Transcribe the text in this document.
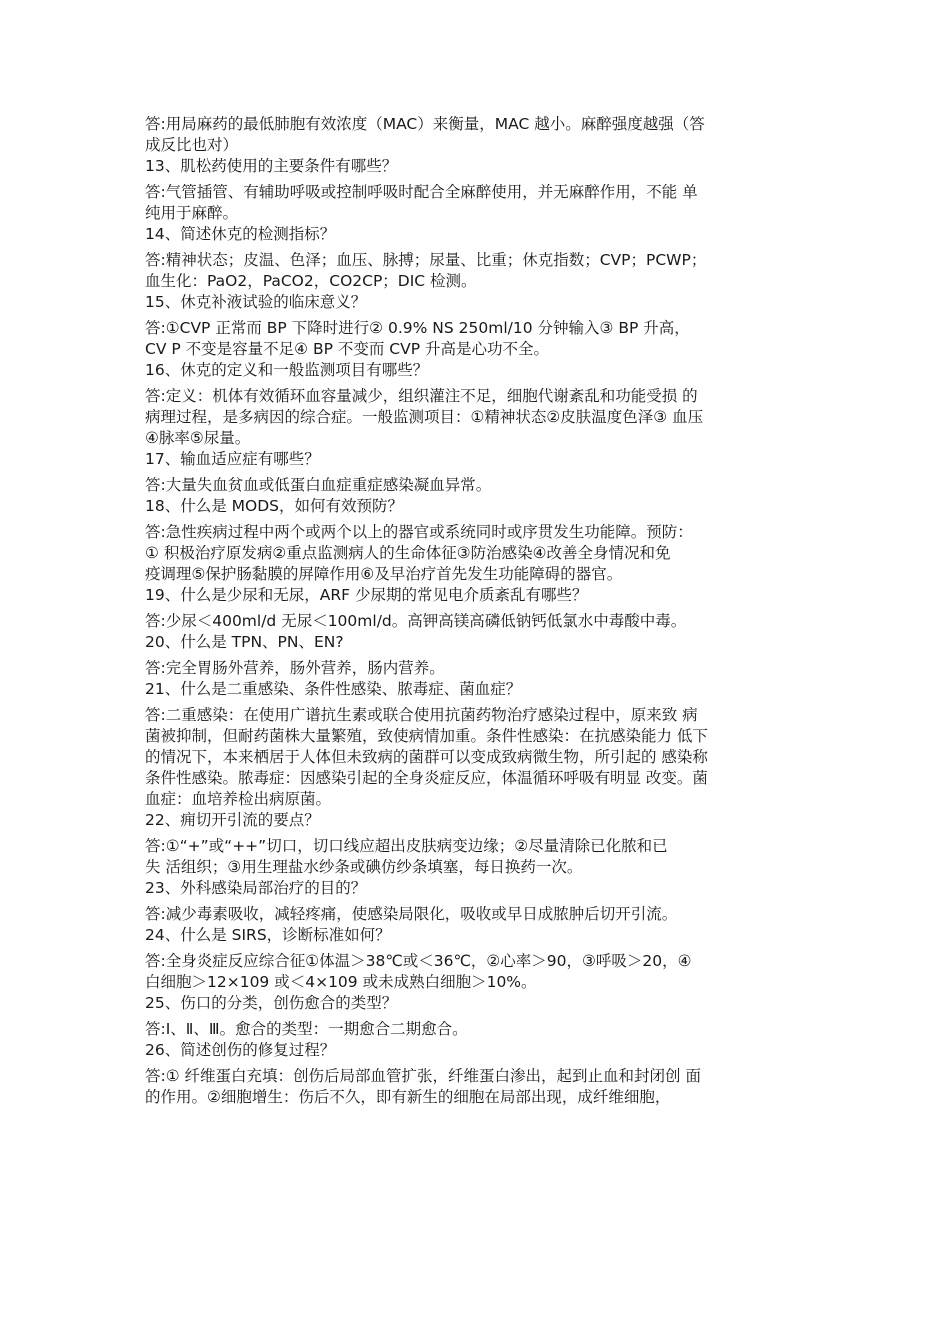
答:用局麻药的最低肺胞有效浓度（MAC）来衡量，MAC 越小。麻醉强度越强（答
成反比也对）
13、肌松药使用的主要条件有哪些？
答:气管插管、有辅助呼吸或控制呼吸时配合全麻醉使用，并无麻醉作用，不能 单
纯用于麻醉。
14、简述休克的检测指标？
答:精神状态；皮温、色泽；血压、脉搏；尿量、比重；休克指数；CVP；PCWP；
血生化：PaO2，PaCO2，CO2CP；DIC 检测。
15、休克补液试验的临床意义？
答:①CVP 正常而 BP 下降时进行② 0.9% NS 250ml/10 分钟输入③ BP 升高，
CV P 不变是容量不足④ BP 不变而 CVP 升高是心功不全。
16、休克的定义和一般监测项目有哪些？
答:定义：机体有效循环血容量减少，组织灌注不足，细胞代谢紊乱和功能受损 的
病理过程，是多病因的综合症。一般监测项目：①精神状态②皮肤温度色泽③ 血压
④脉率⑤尿量。
17、输血适应症有哪些？
答:大量失血贫血或低蛋白血症重症感染凝血异常。
18、什么是 MODS，如何有效预防？
答:急性疾病过程中两个或两个以上的器官或系统同时或序贯发生功能障。预防：
① 积极治疗原发病②重点监测病人的生命体征③防治感染④改善全身情况和免
疫调理⑤保护肠黏膜的屏障作用⑥及早治疗首先发生功能障碍的器官。
19、什么是少尿和无尿，ARF 少尿期的常见电介质紊乱有哪些？
答:少尿＜400ml/d 无尿＜100ml/d。高钾高镁高磷低钠钙低氯水中毒酸中毒。
20、什么是 TPN、PN、EN?
答:完全胃肠外营养，肠外营养，肠内营养。
21、什么是二重感染、条件性感染、脓毒症、菌血症？
答:二重感染：在使用广谱抗生素或联合使用抗菌药物治疗感染过程中，原来致 病
菌被抑制，但耐药菌株大量繁殖，致使病情加重。条件性感染：在抗感染能力 低下
的情况下，本来栖居于人体但未致病的菌群可以变成致病微生物，所引起的 感染称
条件性感染。脓毒症：因感染引起的全身炎症反应，体温循环呼吸有明显 改变。菌
血症：血培养检出病原菌。
22、痈切开引流的要点？
答:①“+”或“++”切口，切口线应超出皮肤病变边缘；②尽量清除已化脓和已
失 活组织；③用生理盐水纱条或碘仿纱条填塞，每日换药一次。
23、外科感染局部治疗的目的？
答:减少毒素吸收，减轻疼痛，使感染局限化，吸收或早日成脓肿后切开引流。
24、什么是 SIRS，诊断标准如何？
答:全身炎症反应综合征①体温＞38℃或＜36℃，②心率＞90，③呼吸＞20，④
白细胞＞12×109 或＜4×109 或未成熟白细胞＞10%。
25、伤口的分类，创伤愈合的类型？
答:Ⅰ、Ⅱ、Ⅲ。愈合的类型：一期愈合二期愈合。
26、简述创伤的修复过程？
答:① 纤维蛋白充填：创伤后局部血管扩张，纤维蛋白渗出，起到止血和封闭创 面
的作用。②细胞增生：伤后不久，即有新生的细胞在局部出现，成纤维细胞，
